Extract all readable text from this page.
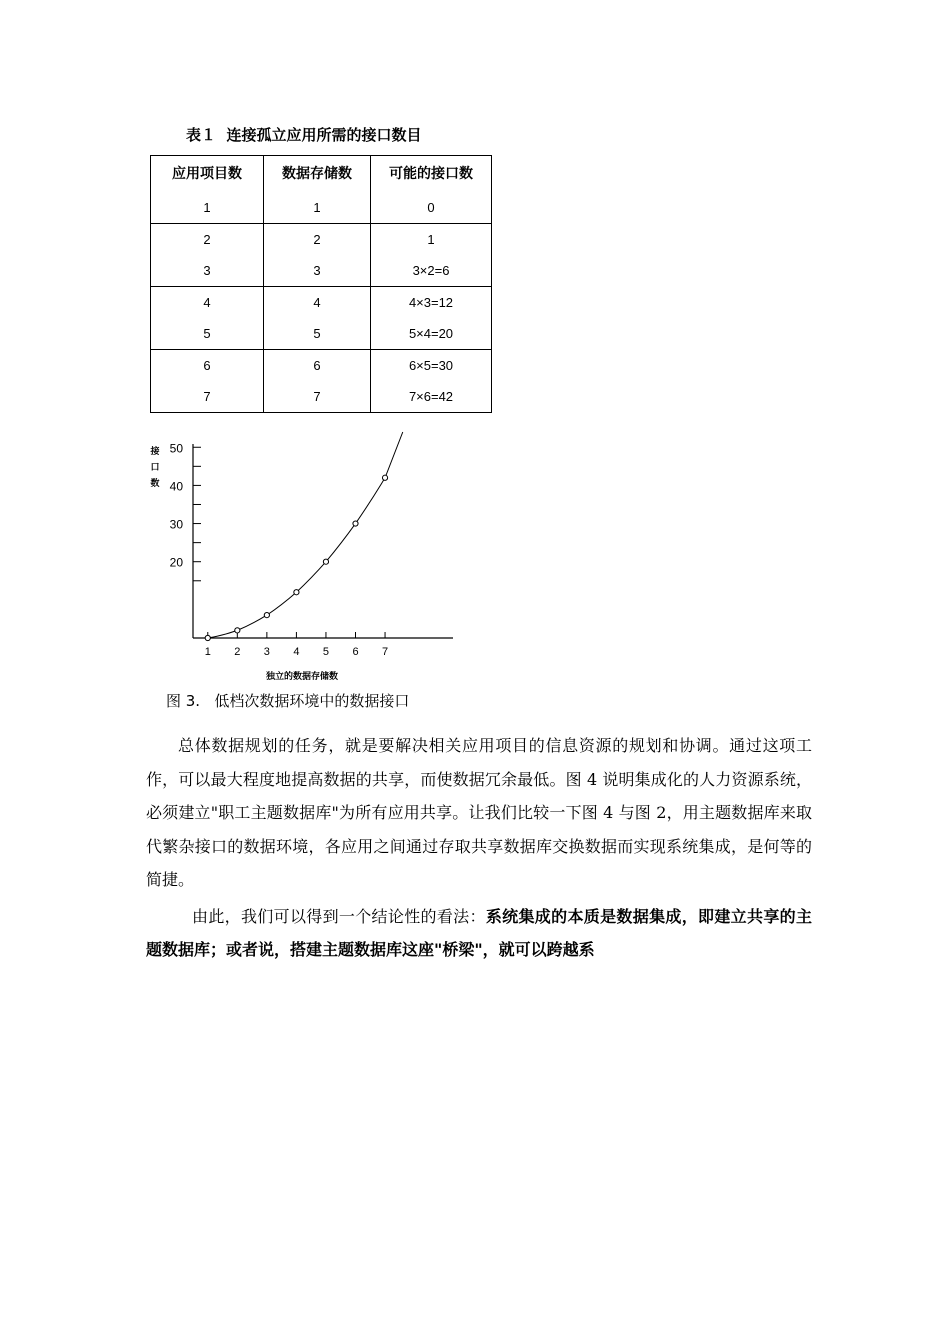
表１  连接孤立应用所需的接口数目
应用项目数	数据存储数	可能的接口数
1	1	0
2	2	1
3	3	3×2=6
4	4	4×3=12
5	5	5×4=20
6	6	6×5=30
7	7	7×6=42
20
30
40
50
1 2 3 4 5 6 7
接
口
数
独立的数据存储数
图 3.   低档次数据环境中的数据接口

总体数据规划的任务，就是要解决相关应用项目的信息资源的规划和协调。通过这项工作，可以最大程度地提高数据的共享，而使数据冗余最低。图 4 说明集成化的人力资源系统，必须建立"职工主题数据库"为所有应用共享。让我们比较一下图 4 与图 2，用主题数据库来取代繁杂接口的数据环境，各应用之间通过存取共享数据库交换数据而实现系统集成，是何等的简捷。

由此，我们可以得到一个结论性的看法：系统集成的本质是数据集成，即建立共享的主题数据库；或者说，搭建主题数据库这座"桥梁"，就可以跨越系
